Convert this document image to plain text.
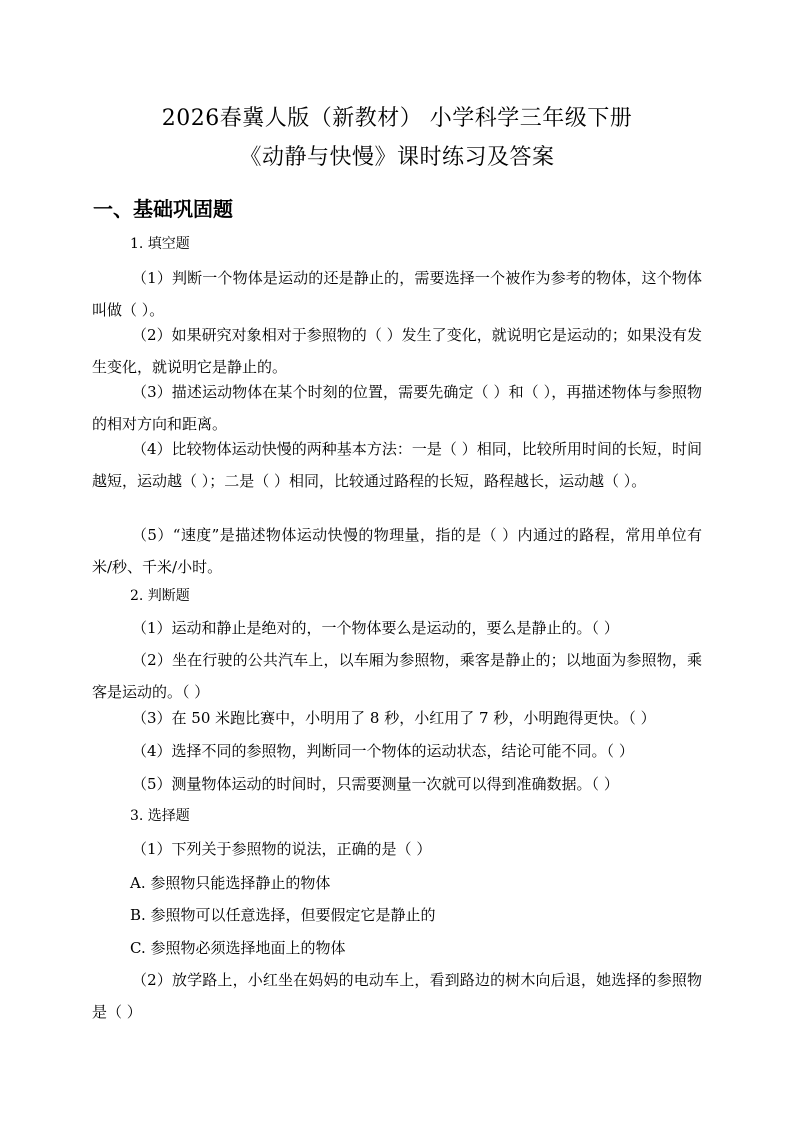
2026春冀人版（新教材） 小学科学三年级下册
《动静与快慢》课时练习及答案
一、基础巩固题
1. 填空题
（1）判断一个物体是运动的还是静止的，需要选择一个被作为参考的物体，这个物体叫做（ ）。
（2）如果研究对象相对于参照物的（ ）发生了变化，就说明它是运动的；如果没有发生变化，就说明它是静止的。
（3）描述运动物体在某个时刻的位置，需要先确定（ ）和（ ），再描述物体与参照物的相对方向和距离。
（4）比较物体运动快慢的两种基本方法：一是（ ）相同，比较所用时间的长短，时间越短，运动越（ ）；二是（ ）相同，比较通过路程的长短，路程越长，运动越（ ）。
（5）“速度”是描述物体运动快慢的物理量，指的是（ ）内通过的路程，常用单位有米/秒、千米/小时。
2. 判断题
（1）运动和静止是绝对的，一个物体要么是运动的，要么是静止的。（ ）
（2）坐在行驶的公共汽车上，以车厢为参照物，乘客是静止的；以地面为参照物，乘客是运动的。（ ）
（3）在 50 米跑比赛中，小明用了 8 秒，小红用了 7 秒，小明跑得更快。（ ）
（4）选择不同的参照物，判断同一个物体的运动状态，结论可能不同。（ ）
（5）测量物体运动的时间时，只需要测量一次就可以得到准确数据。（ ）
3. 选择题
（1）下列关于参照物的说法，正确的是（ ）
A. 参照物只能选择静止的物体
B. 参照物可以任意选择，但要假定它是静止的
C. 参照物必须选择地面上的物体
（2）放学路上，小红坐在妈妈的电动车上，看到路边的树木向后退，她选择的参照物是（ ）
